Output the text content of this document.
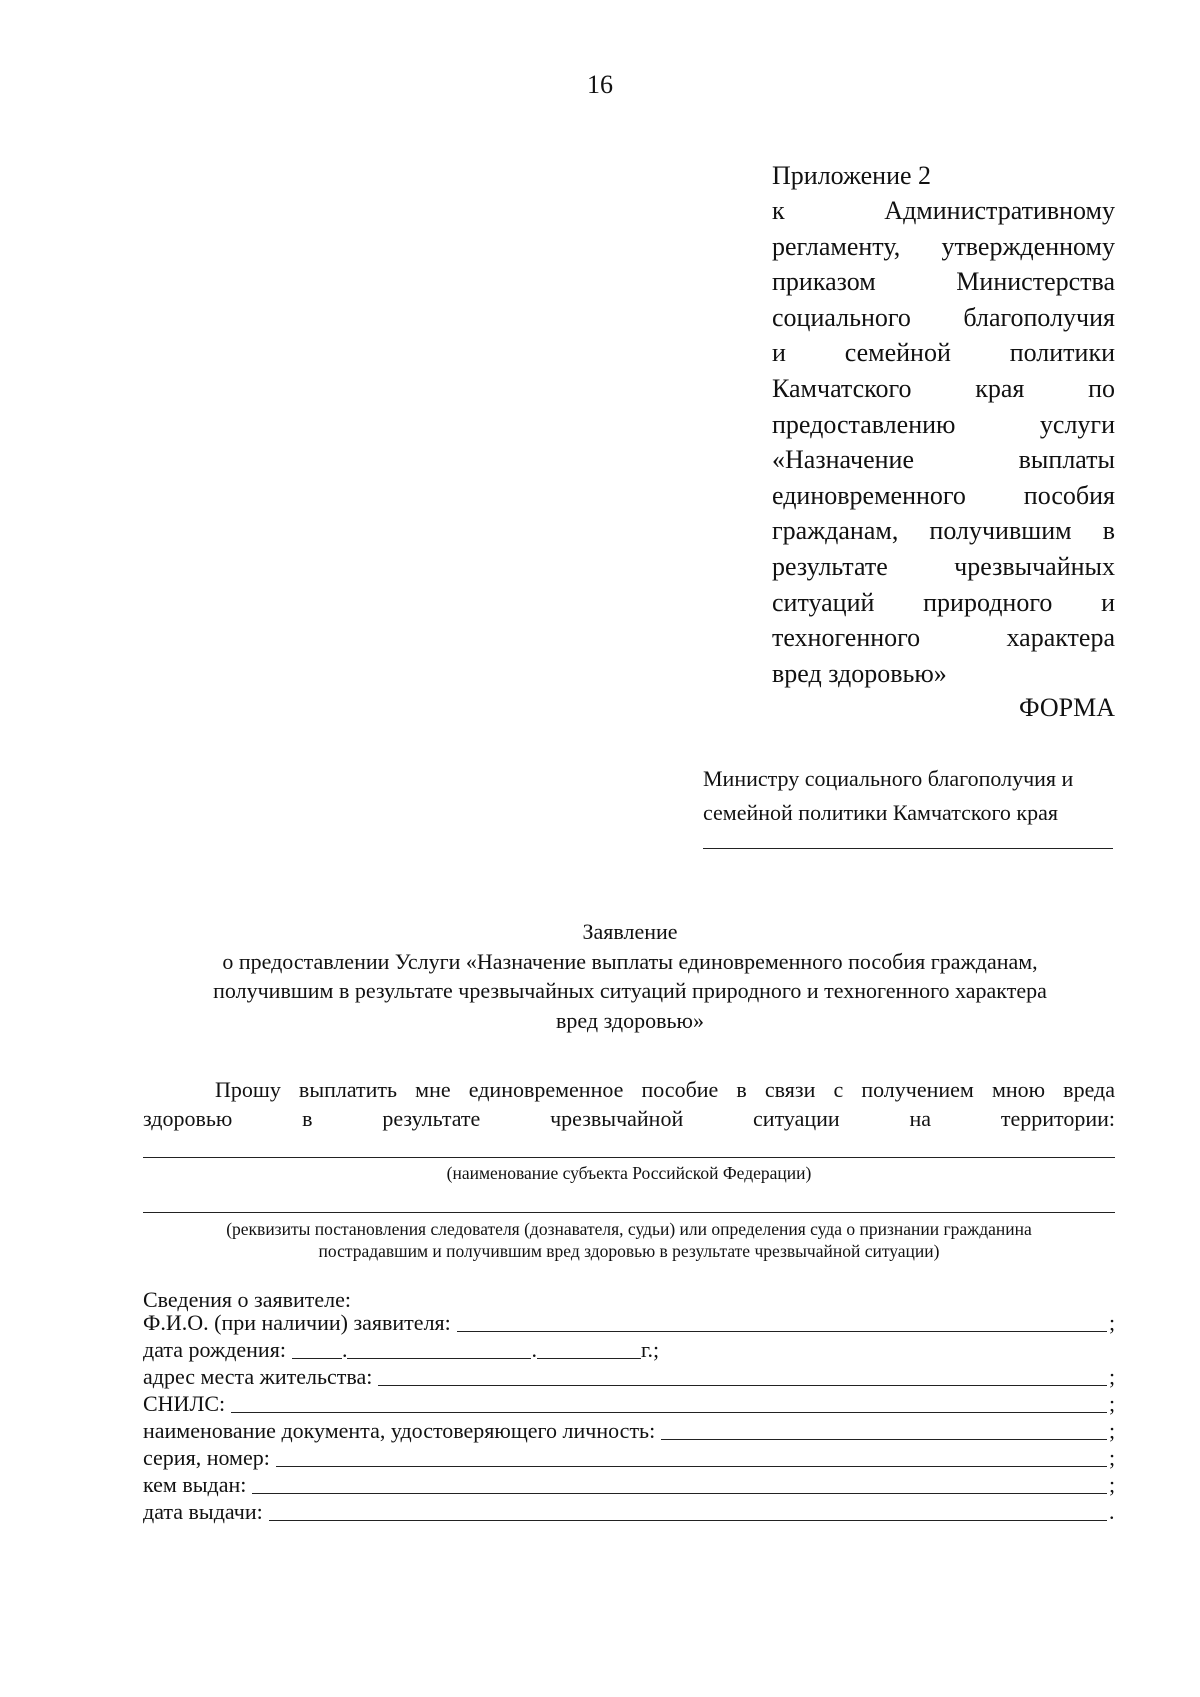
16
Приложение 2
к Административному
регламенту, утвержденному
приказом Министерства
социального благополучия
и семейной политики
Камчатского края по
предоставлению услуги
«Назначение выплаты
единовременного пособия
гражданам, получившим в
результате чрезвычайных
ситуаций природного и
техногенного характера
вред здоровью»
ФОРМА
Министру социального благополучия и
семейной политики Камчатского края
Заявление
о предоставлении Услуги «Назначение выплаты единовременного пособия гражданам,
получившим в результате чрезвычайных ситуаций природного и техногенного характера
вред здоровью»
Прошу выплатить мне единовременное пособие в связи с получением мною вреда
здоровью в результате чрезвычайной ситуации на территории:
(наименование субъекта Российской Федерации)
(реквизиты постановления следователя (дознавателя, судьи) или определения суда о признании гражданина
пострадавшим и получившим вред здоровью в результате чрезвычайной ситуации)
Сведения о заявителе:
Ф.И.О. (при наличии) заявителя:	;
дата рождения:	.	.	г.;
адрес места жительства:	;
СНИЛС:	;
наименование документа, удостоверяющего личность:	;
серия, номер:	;
кем выдан:	;
дата выдачи:	.
